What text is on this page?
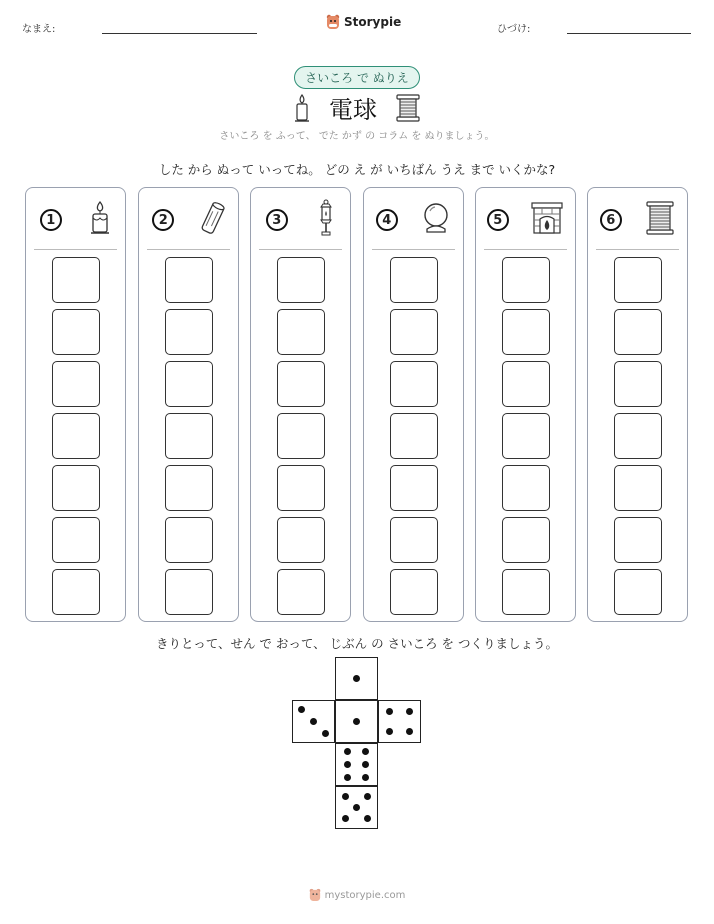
なまえ:
Storypie
ひづけ:
さいころ で ぬりえ
電球
さいころ を ふって、 でた かず の コラム を ぬりましょう。
した から ぬって いってね。 どの え が いちばん うえ まで いくかな?
1	2	3	4	5	6
きりとって、せん で おって、 じぶん の さいころ を つくりましょう。
mystorypie.com
